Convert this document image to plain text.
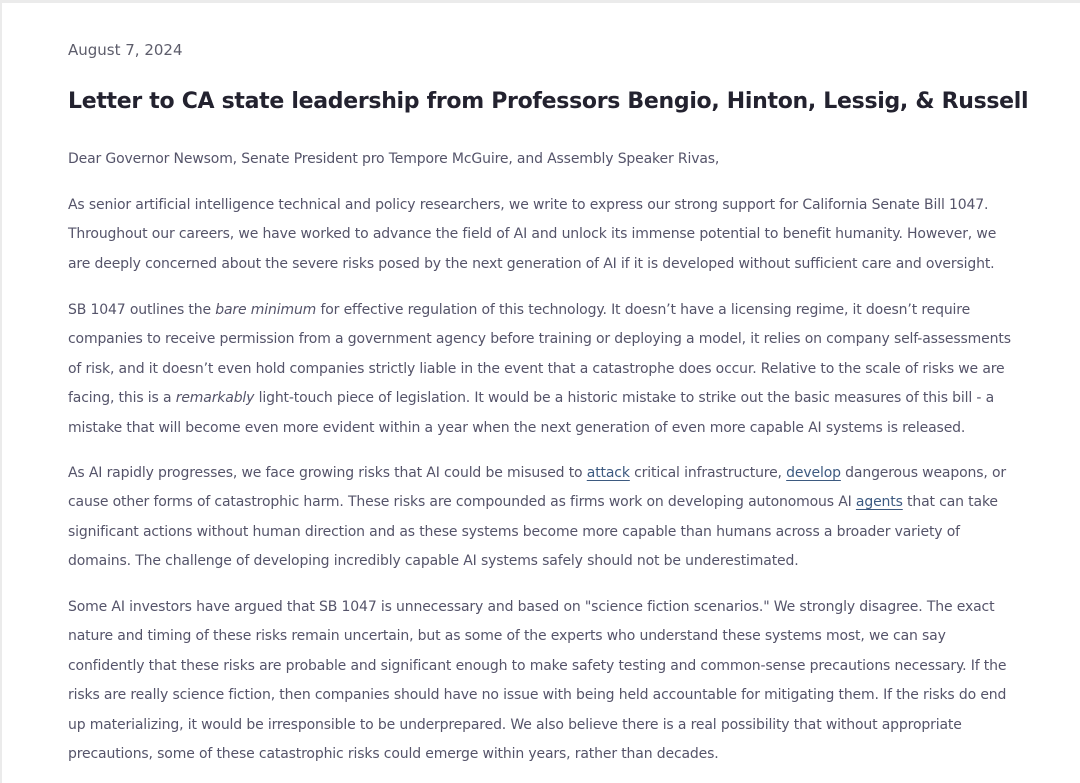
August 7, 2024
Letter to CA state leadership from Professors Bengio, Hinton, Lessig, & Russell

Dear Governor Newsom, Senate President pro Tempore McGuire, and Assembly Speaker Rivas,

As senior artificial intelligence technical and policy researchers, we write to express our strong support for California Senate Bill 1047. Throughout our careers, we have worked to advance the field of AI and unlock its immense potential to benefit humanity. However, we are deeply concerned about the severe risks posed by the next generation of AI if it is developed without sufficient care and oversight.

SB 1047 outlines the bare minimum for effective regulation of this technology. It doesn’t have a licensing regime, it doesn’t require companies to receive permission from a government agency before training or deploying a model, it relies on company self-assessments of risk, and it doesn’t even hold companies strictly liable in the event that a catastrophe does occur. Relative to the scale of risks we are facing, this is a remarkably light-touch piece of legislation. It would be a historic mistake to strike out the basic measures of this bill - a mistake that will become even more evident within a year when the next generation of even more capable AI systems is released.

As AI rapidly progresses, we face growing risks that AI could be misused to attack critical infrastructure, develop dangerous weapons, or cause other forms of catastrophic harm. These risks are compounded as firms work on developing autonomous AI agents that can take significant actions without human direction and as these systems become more capable than humans across a broader variety of domains. The challenge of developing incredibly capable AI systems safely should not be underestimated.

Some AI investors have argued that SB 1047 is unnecessary and based on "science fiction scenarios." We strongly disagree. The exact nature and timing of these risks remain uncertain, but as some of the experts who understand these systems most, we can say confidently that these risks are probable and significant enough to make safety testing and common-sense precautions necessary. If the risks are really science fiction, then companies should have no issue with being held accountable for mitigating them. If the risks do end up materializing, it would be irresponsible to be underprepared. We also believe there is a real possibility that without appropriate precautions, some of these catastrophic risks could emerge within years, rather than decades.
